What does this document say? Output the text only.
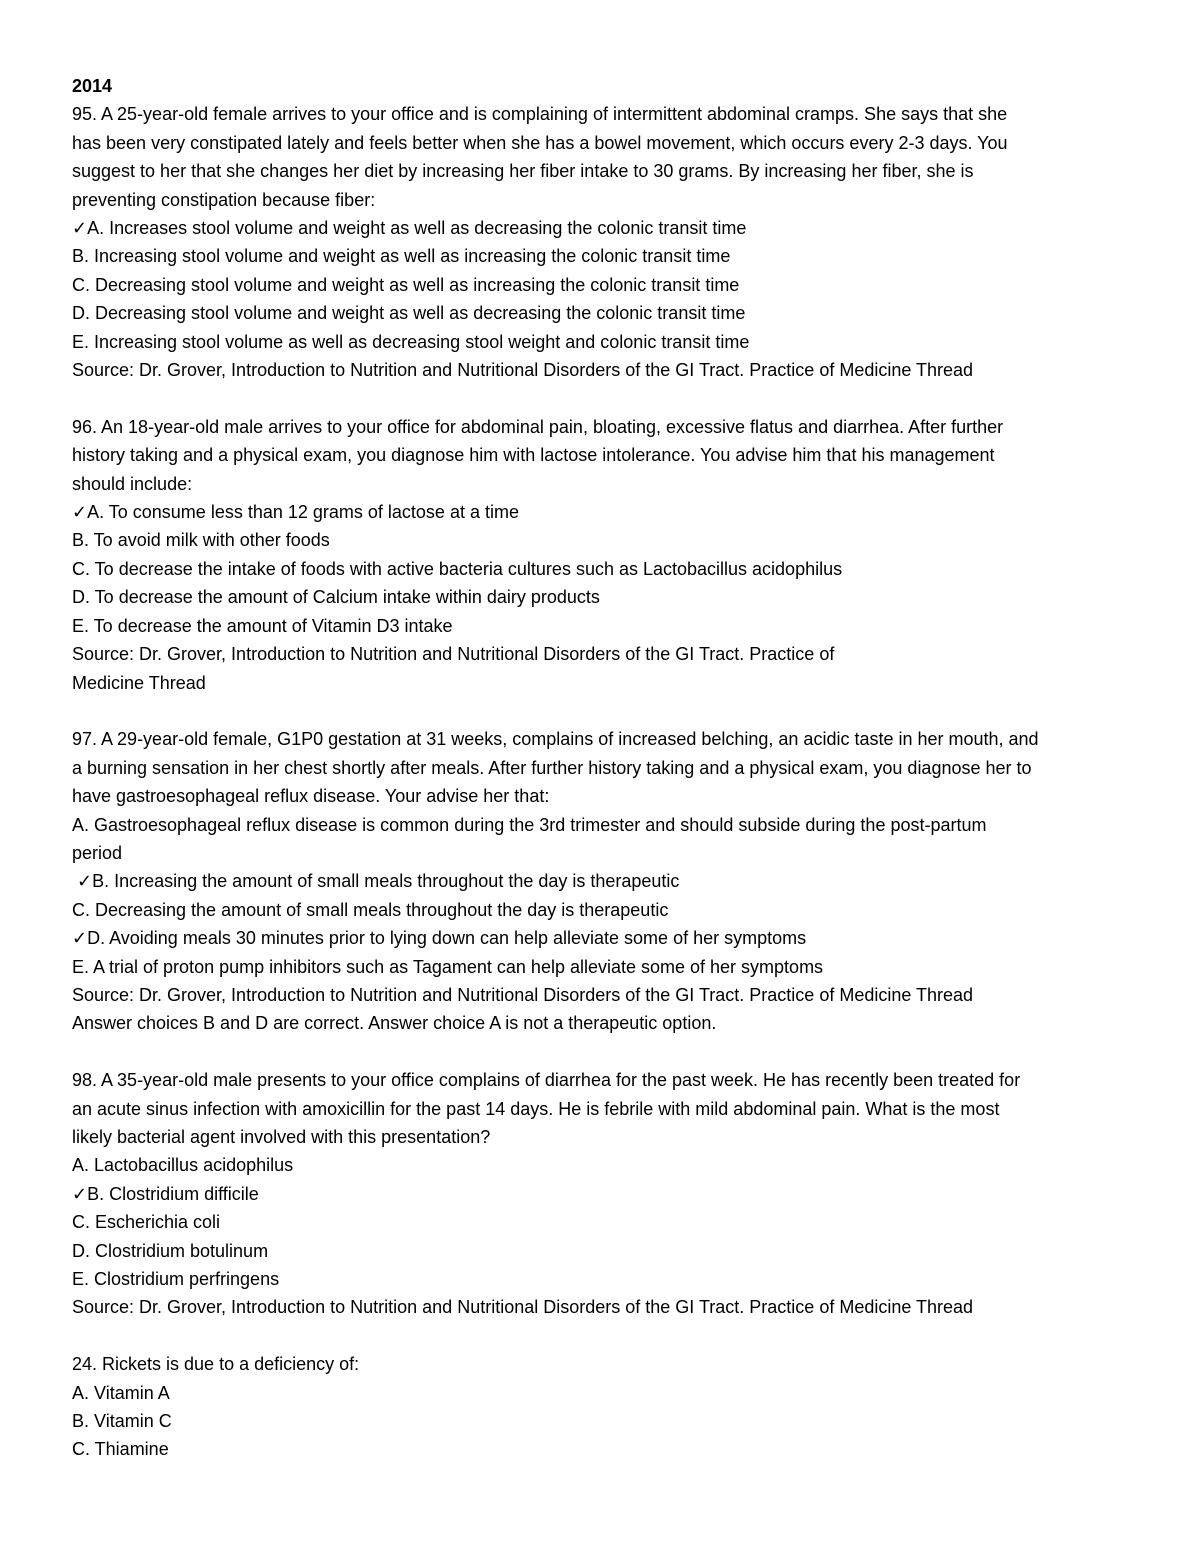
2014
95. A 25-year-old female arrives to your office and is complaining of intermittent abdominal cramps. She says that she
has been very constipated lately and feels better when she has a bowel movement, which occurs every 2-3 days. You
suggest to her that she changes her diet by increasing her fiber intake to 30 grams. By increasing her fiber, she is
preventing constipation because fiber:
✓A. Increases stool volume and weight as well as decreasing the colonic transit time
B. Increasing stool volume and weight as well as increasing the colonic transit time
C. Decreasing stool volume and weight as well as increasing the colonic transit time
D. Decreasing stool volume and weight as well as decreasing the colonic transit time
E. Increasing stool volume as well as decreasing stool weight and colonic transit time
Source: Dr. Grover, Introduction to Nutrition and Nutritional Disorders of the GI Tract. Practice of Medicine Thread
96. An 18-year-old male arrives to your office for abdominal pain, bloating, excessive flatus and diarrhea. After further
history taking and a physical exam, you diagnose him with lactose intolerance. You advise him that his management
should include:
✓A. To consume less than 12 grams of lactose at a time
B. To avoid milk with other foods
C. To decrease the intake of foods with active bacteria cultures such as Lactobacillus acidophilus
D. To decrease the amount of Calcium intake within dairy products
E. To decrease the amount of Vitamin D3 intake
Source: Dr. Grover, Introduction to Nutrition and Nutritional Disorders of the GI Tract. Practice of
Medicine Thread
97. A 29-year-old female, G1P0 gestation at 31 weeks, complains of increased belching, an acidic taste in her mouth, and
a burning sensation in her chest shortly after meals. After further history taking and a physical exam, you diagnose her to
have gastroesophageal reflux disease. Your advise her that:
A. Gastroesophageal reflux disease is common during the 3rd trimester and should subside during the post-partum
period
✓B. Increasing the amount of small meals throughout the day is therapeutic
C. Decreasing the amount of small meals throughout the day is therapeutic
✓D. Avoiding meals 30 minutes prior to lying down can help alleviate some of her symptoms
E. A trial of proton pump inhibitors such as Tagament can help alleviate some of her symptoms
Source: Dr. Grover, Introduction to Nutrition and Nutritional Disorders of the GI Tract. Practice of Medicine Thread
Answer choices B and D are correct. Answer choice A is not a therapeutic option.
98. A 35-year-old male presents to your office complains of diarrhea for the past week. He has recently been treated for
an acute sinus infection with amoxicillin for the past 14 days. He is febrile with mild abdominal pain. What is the most
likely bacterial agent involved with this presentation?
A. Lactobacillus acidophilus
✓B. Clostridium difficile
C. Escherichia coli
D. Clostridium botulinum
E. Clostridium perfringens
Source: Dr. Grover, Introduction to Nutrition and Nutritional Disorders of the GI Tract. Practice of Medicine Thread
24. Rickets is due to a deficiency of:
A. Vitamin A
B. Vitamin C
C. Thiamine
